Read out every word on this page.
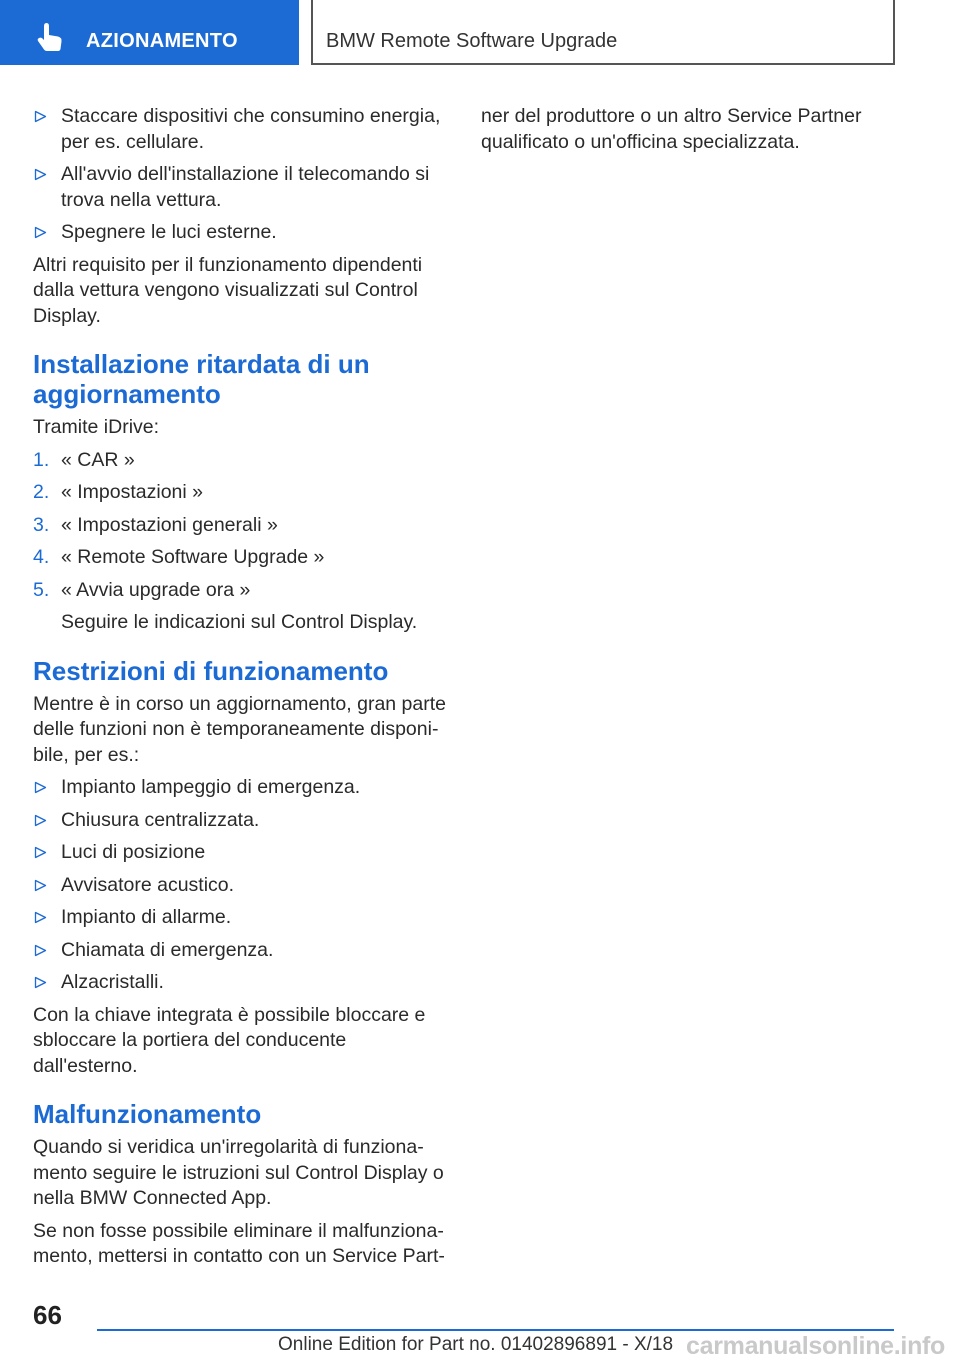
AZIONAMENTO	BMW Remote Software Upgrade
Staccare dispositivi che consumino energia, per es. cellulare.
All'avvio dell'installazione il telecomando si trova nella vettura.
Spegnere le luci esterne.
Altri requisito per il funzionamento dipendenti dalla vettura vengono visualizzati sul Control Display.
Installazione ritardata di un aggiornamento
Tramite iDrive:
1. « CAR »
2. « Impostazioni »
3. « Impostazioni generali »
4. « Remote Software Upgrade »
5. « Avvia upgrade ora »
Seguire le indicazioni sul Control Display.
Restrizioni di funzionamento
Mentre è in corso un aggiornamento, gran parte delle funzioni non è temporaneamente disponibile, per es.:
Impianto lampeggio di emergenza.
Chiusura centralizzata.
Luci di posizione
Avvisatore acustico.
Impianto di allarme.
Chiamata di emergenza.
Alzacristalli.
Con la chiave integrata è possibile bloccare e sbloccare la portiera del conducente dall'esterno.
Malfunzionamento
Quando si veridica un'irregolarità di funzionamento seguire le istruzioni sul Control Display o nella BMW Connected App.
Se non fosse possibile eliminare il malfunzionamento, mettersi in contatto con un Service Part-
ner del produttore o un altro Service Partner qualificato o un'officina specializzata.
66
Online Edition for Part no. 01402896891 - X/18 carmanualsonline.info
